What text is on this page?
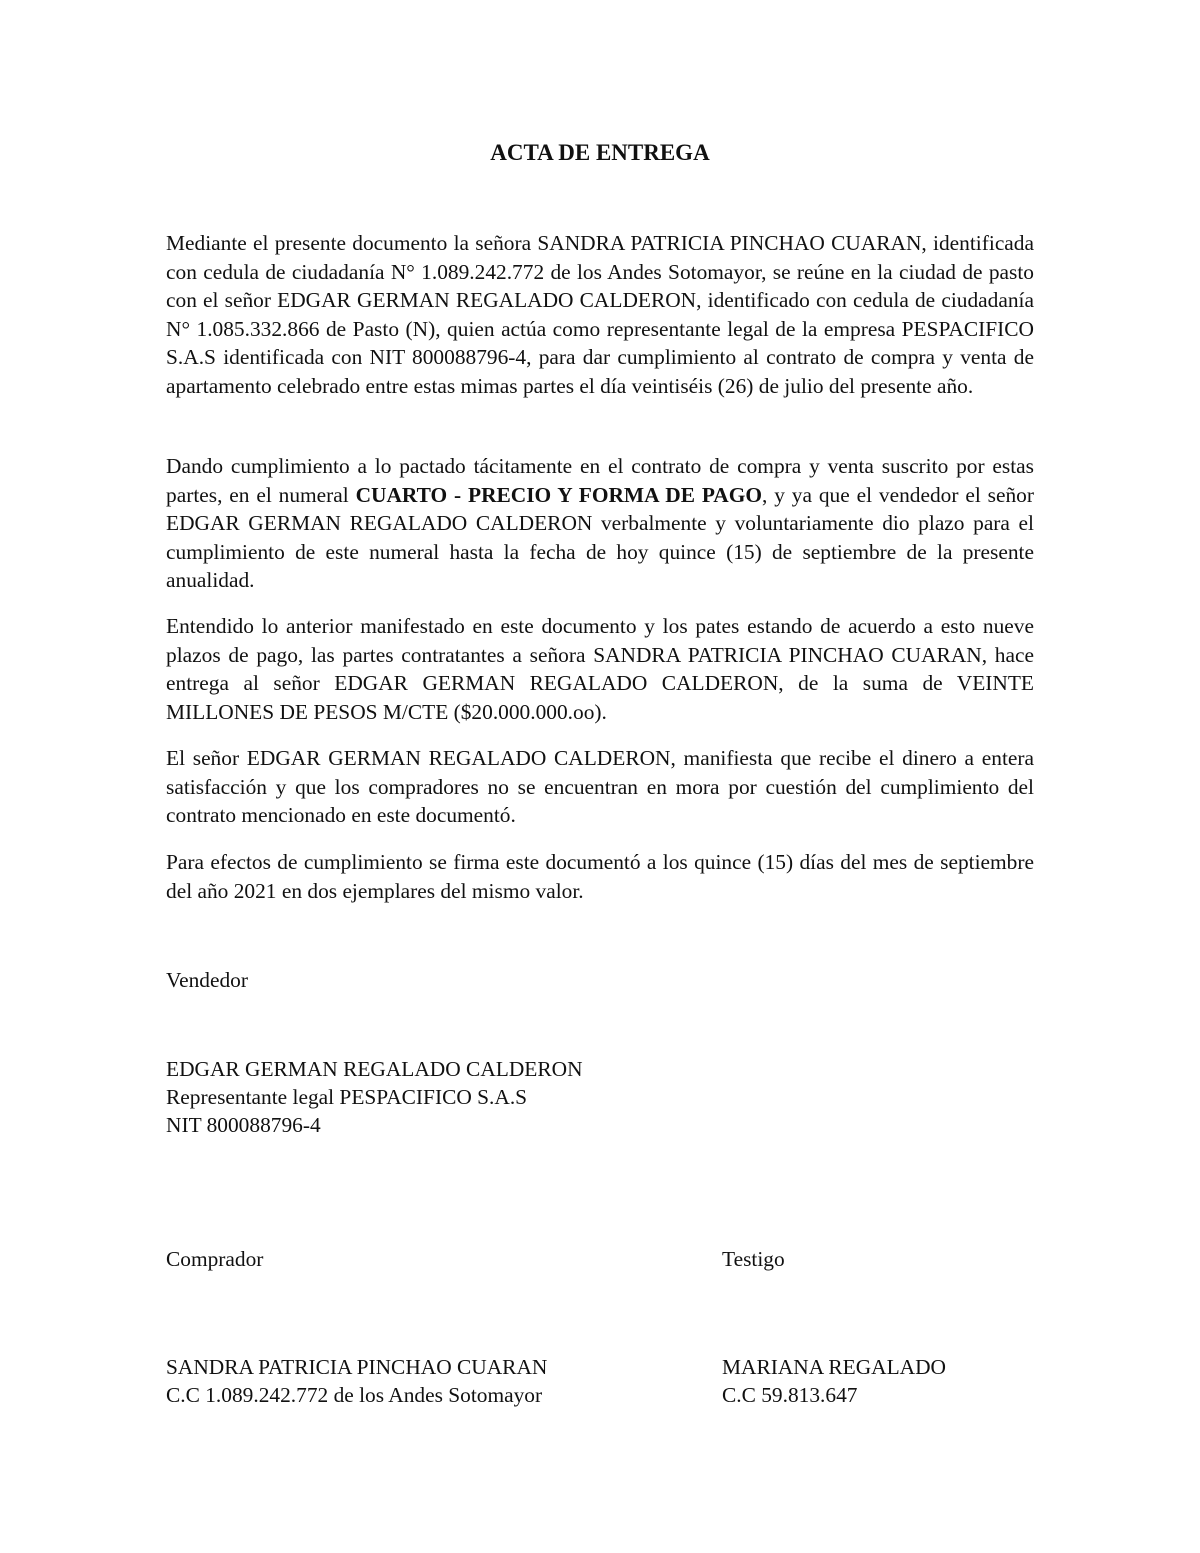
ACTA DE ENTREGA

Mediante el presente documento la señora SANDRA PATRICIA PINCHAO CUARAN, identificada con cedula de ciudadanía N° 1.089.242.772 de los Andes Sotomayor, se reúne en la ciudad de pasto con el señor EDGAR GERMAN REGALADO CALDERON, identificado con cedula de ciudadanía N° 1.085.332.866 de Pasto (N), quien actúa como representante legal de la empresa PESPACIFICO S.A.S identificada con NIT 800088796-4, para dar cumplimiento al contrato de compra y venta de apartamento celebrado entre estas mimas partes el día veintiséis (26) de julio del presente año.

Dando cumplimiento a lo pactado tácitamente en el contrato de compra y venta suscrito por estas partes, en el numeral CUARTO - PRECIO Y FORMA DE PAGO, y ya que el vendedor el señor EDGAR GERMAN REGALADO CALDERON verbalmente y voluntariamente dio plazo para el cumplimiento de este numeral hasta la fecha de hoy quince (15) de septiembre de la presente anualidad.

Entendido lo anterior manifestado en este documento y los pates estando de acuerdo a esto nueve plazos de pago, las partes contratantes a señora SANDRA PATRICIA PINCHAO CUARAN, hace entrega al señor EDGAR GERMAN REGALADO CALDERON, de la suma de VEINTE MILLONES DE PESOS M/CTE ($20.000.000.oo).

El señor EDGAR GERMAN REGALADO CALDERON, manifiesta que recibe el dinero a entera satisfacción y que los compradores no se encuentran en mora por cuestión del cumplimiento del contrato mencionado en este documentó.

Para efectos de cumplimiento se firma este documentó a los quince (15) días del mes de septiembre del año 2021 en dos ejemplares del mismo valor.

Vendedor
EDGAR GERMAN REGALADO CALDERON
Representante legal PESPACIFICO S.A.S
NIT 800088796-4
Comprador
SANDRA PATRICIA PINCHAO CUARAN
C.C 1.089.242.772 de los Andes Sotomayor
Testigo
MARIANA REGALADO
C.C 59.813.647
